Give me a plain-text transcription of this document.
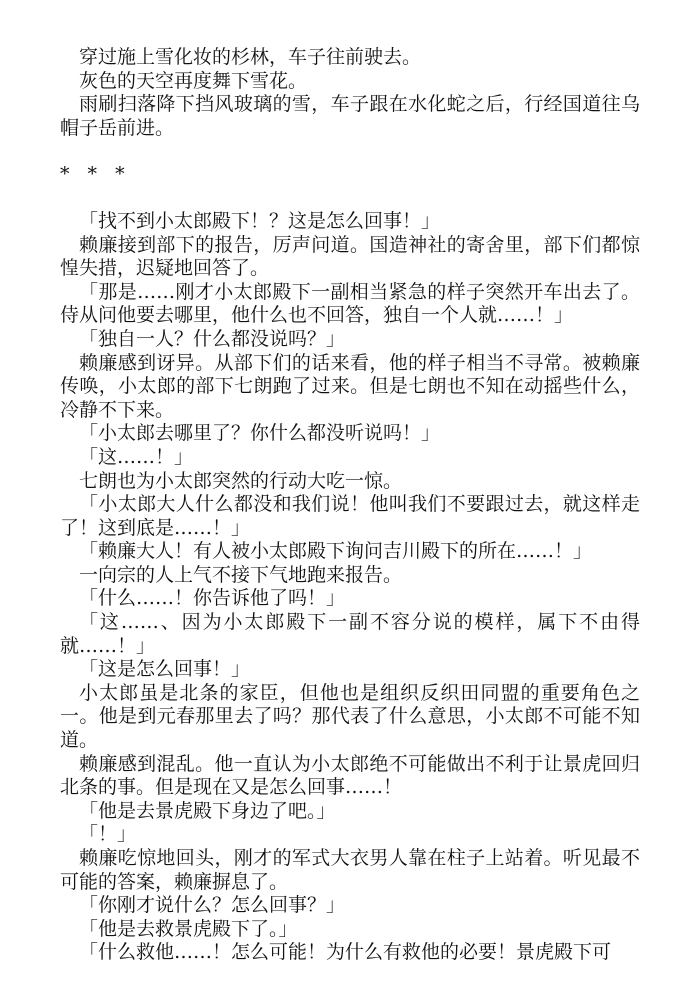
穿过施上雪化妆的杉林，车子往前驶去。

灰色的天空再度舞下雪花。

雨刷扫落降下挡风玻璃的雪，车子跟在水化蛇之后，行经国道往乌帽子岳前进。

* * *

「找不到小太郎殿下！？这是怎么回事！」

赖廉接到部下的报告，厉声问道。国造神社的寄舍里，部下们都惊惶失措，迟疑地回答了。

「那是……刚才小太郎殿下一副相当紧急的样子突然开车出去了。侍从问他要去哪里，他什么也不回答，独自一个人就……！」

「独自一人？什么都没说吗？」

赖廉感到讶异。从部下们的话来看，他的样子相当不寻常。被赖廉传唤，小太郎的部下七朗跑了过来。但是七朗也不知在动摇些什么，冷静不下来。

「小太郎去哪里了？你什么都没听说吗！」

「这……！」

七朗也为小太郎突然的行动大吃一惊。

「小太郎大人什么都没和我们说！他叫我们不要跟过去，就这样走了！这到底是……！」

「赖廉大人！有人被小太郎殿下询问吉川殿下的所在……！」

一向宗的人上气不接下气地跑来报告。

「什么……！你告诉他了吗！」

「这……、因为小太郎殿下一副不容分说的模样，属下不由得就……！」

「这是怎么回事！」

小太郎虽是北条的家臣，但他也是组织反织田同盟的重要角色之一。他是到元春那里去了吗？那代表了什么意思，小太郎不可能不知道。

赖廉感到混乱。他一直认为小太郎绝不可能做出不利于让景虎回归北条的事。但是现在又是怎么回事……！

「他是去景虎殿下身边了吧。」

「！」

赖廉吃惊地回头，刚才的军式大衣男人靠在柱子上站着。听见最不可能的答案，赖廉摒息了。

「你刚才说什么？怎么回事？」

「他是去救景虎殿下了。」

「什么救他……！怎么可能！为什么有救他的必要！景虎殿下可
